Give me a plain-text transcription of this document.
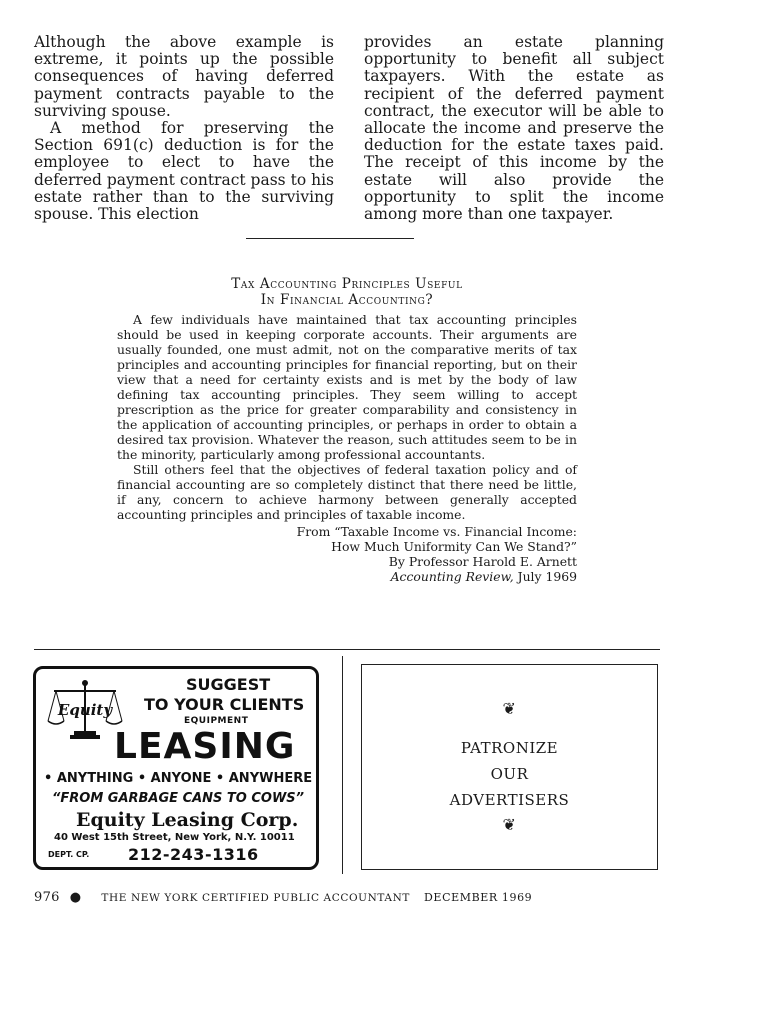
Although the above example is extreme, it points up the possible consequences of having deferred payment contracts payable to the surviving spouse.

A method for preserving the Section 691(c) deduction is for the employee to elect to have the deferred payment contract pass to his estate rather than to the surviving spouse. This election

provides an estate planning opportunity to benefit all subject taxpayers. With the estate as recipient of the deferred payment contract, the executor will be able to allocate the income and preserve the deduction for the estate taxes paid. The receipt of this income by the estate will also provide the opportunity to split the income among more than one taxpayer.

Tax Accounting Principles Useful
In Financial Accounting?

A few individuals have maintained that tax accounting principles should be used in keeping corporate accounts. Their arguments are usually founded, one must admit, not on the comparative merits of tax principles and accounting principles for financial reporting, but on their view that a need for certainty exists and is met by the body of law defining tax accounting principles. They seem willing to accept prescription as the price for greater comparability and consistency in the application of accounting principles, or perhaps in order to obtain a desired tax provision. Whatever the reason, such attitudes seem to be in the minority, particularly among professional accountants.

Still others feel that the objectives of federal taxation policy and of financial accounting are so completely distinct that there need be little, if any, concern to achieve harmony between generally accepted accounting principles and principles of taxable income.

From “Taxable Income vs. Financial Income:
How Much Uniformity Can We Stand?”
By Professor Harold E. Arnett
Accounting Review, July 1969
Equity
SUGGEST
TO YOUR CLIENTS
EQUIPMENT
LEASING
• ANYTHING • ANYONE • ANYWHERE
“FROM GARBAGE CANS TO COWS”
Equity Leasing Corp.
40 West 15th Street, New York, N.Y. 10011
DEPT. CP. 212-243-1316
❦
PATRONIZE
OUR
ADVERTISERS
❦
976 ● THE NEW YORK CERTIFIED PUBLIC ACCOUNTANT DECEMBER 1969
